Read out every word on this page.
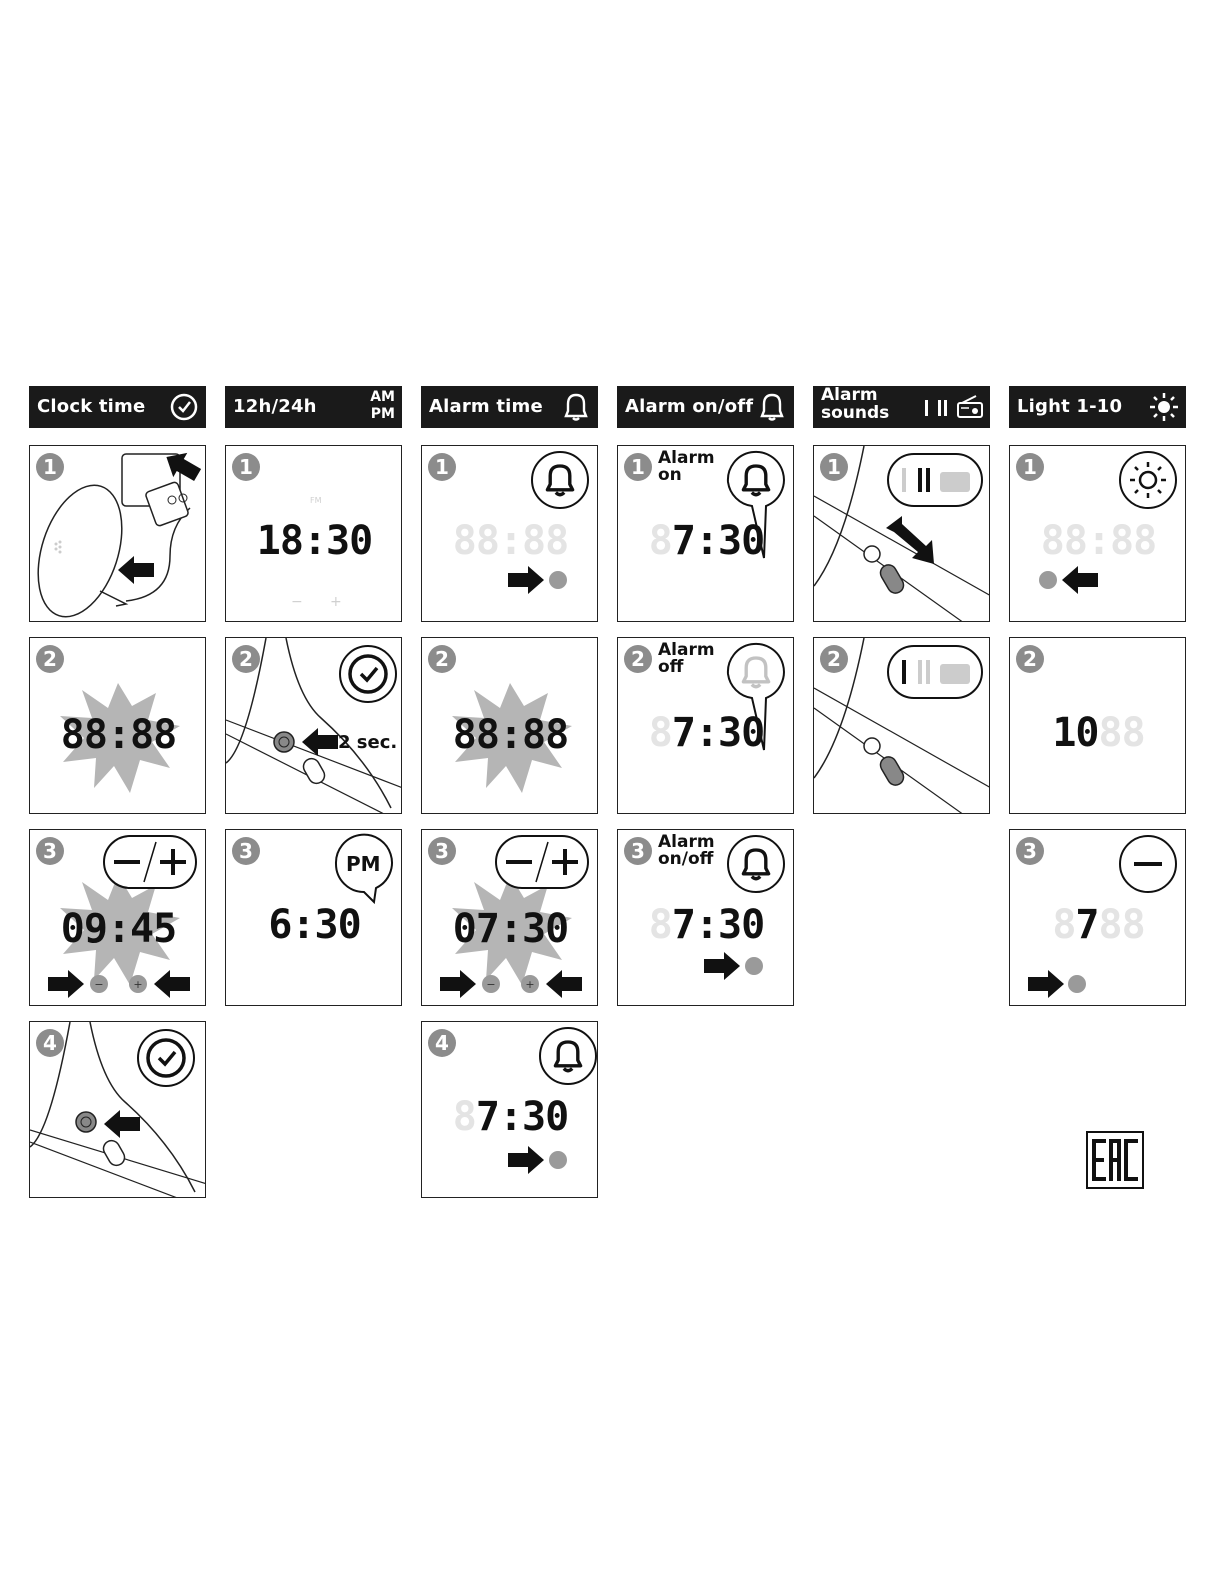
Clock time	12h/24h	AM
PM Alarm time	Alarm on/off
Alarm
sounds	Light 1-10
1
2
88:88
−	+
3
09:45
4
1
FM
18:30
− +
2
2 sec.
3
PM
6:30
1
88:88
2
88:88
−	+
3
07:30
4
87:30
1 Alarm
on
87:30
2 Alarm
off
87:30
3 Alarm
on/off
87:30
1
2
1
88:88
2
1088
3
8788
